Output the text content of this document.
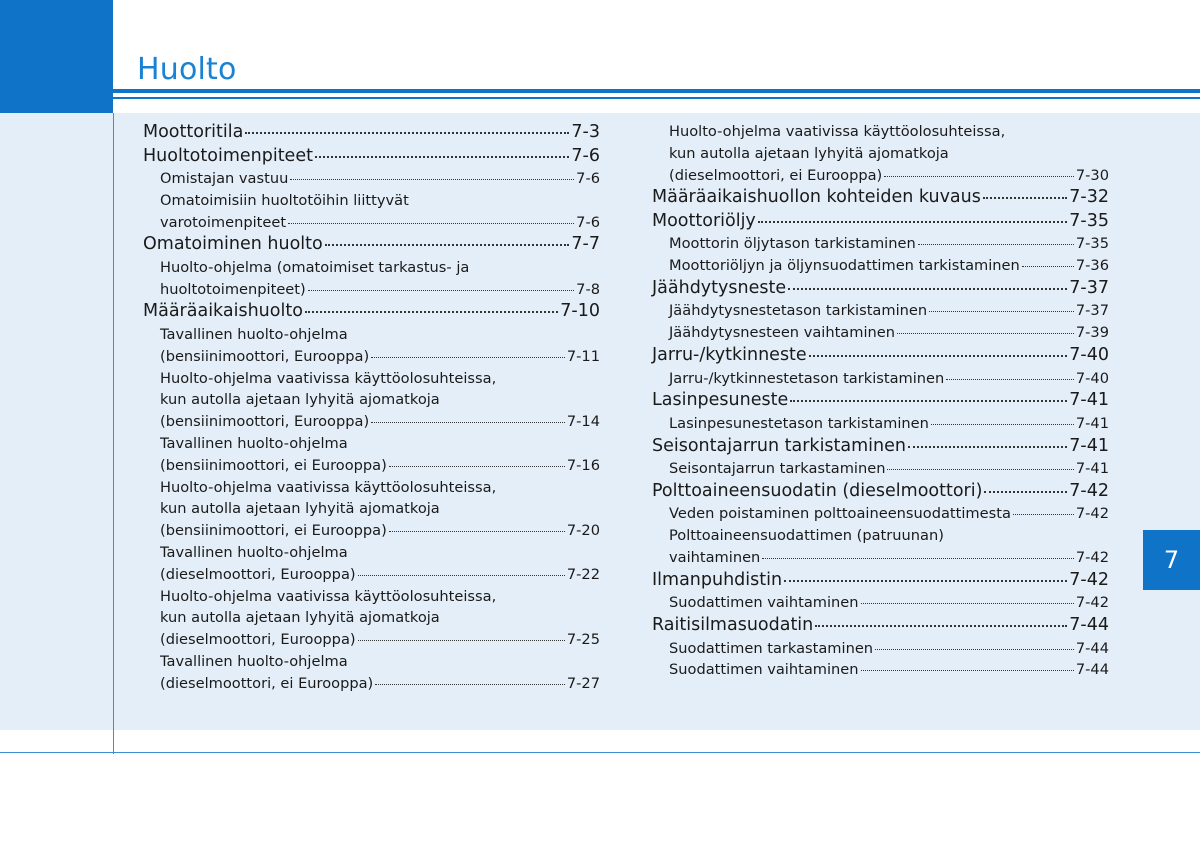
Huolto
7
Moottoritila	7-3
Huoltotoimenpiteet	7-6
Omistajan vastuu	7-6
Omatoimisiin huoltotöihin liittyvät
varotoimenpiteet	7-6
Omatoiminen huolto	7-7
Huolto-ohjelma (omatoimiset tarkastus- ja
huoltotoimenpiteet)	7-8
Määräaikaishuolto	7-10
Tavallinen huolto-ohjelma
(bensiinimoottori, Eurooppa)	7-11
Huolto-ohjelma vaativissa käyttöolosuhteissa,
kun autolla ajetaan lyhyitä ajomatkoja
(bensiinimoottori, Eurooppa)	7-14
Tavallinen huolto-ohjelma
(bensiinimoottori, ei Eurooppa)	7-16
Huolto-ohjelma vaativissa käyttöolosuhteissa,
kun autolla ajetaan lyhyitä ajomatkoja
(bensiinimoottori, ei Eurooppa)	7-20
Tavallinen huolto-ohjelma
(dieselmoottori, Eurooppa)	7-22
Huolto-ohjelma vaativissa käyttöolosuhteissa,
kun autolla ajetaan lyhyitä ajomatkoja
(dieselmoottori, Eurooppa)	7-25
Tavallinen huolto-ohjelma
(dieselmoottori, ei Eurooppa)	7-27
Huolto-ohjelma vaativissa käyttöolosuhteissa,
kun autolla ajetaan lyhyitä ajomatkoja
(dieselmoottori, ei Eurooppa)	7-30
Määräaikaishuollon kohteiden kuvaus	7-32
Moottoriöljy	7-35
Moottorin öljytason tarkistaminen	7-35
Moottoriöljyn ja öljynsuodattimen tarkistaminen	7-36
Jäähdytysneste	7-37
Jäähdytysnestetason tarkistaminen	7-37
Jäähdytysnesteen vaihtaminen	7-39
Jarru-/kytkinneste	7-40
Jarru-/kytkinnestetason tarkistaminen	7-40
Lasinpesuneste	7-41
Lasinpesunestetason tarkistaminen	7-41
Seisontajarrun tarkistaminen	7-41
Seisontajarrun tarkastaminen	7-41
Polttoaineensuodatin (dieselmoottori)	7-42
Veden poistaminen polttoaineensuodattimesta	7-42
Polttoaineensuodattimen (patruunan)
vaihtaminen	7-42
Ilmanpuhdistin	7-42
Suodattimen vaihtaminen	7-42
Raitisilmasuodatin	7-44
Suodattimen tarkastaminen	7-44
Suodattimen vaihtaminen	7-44
